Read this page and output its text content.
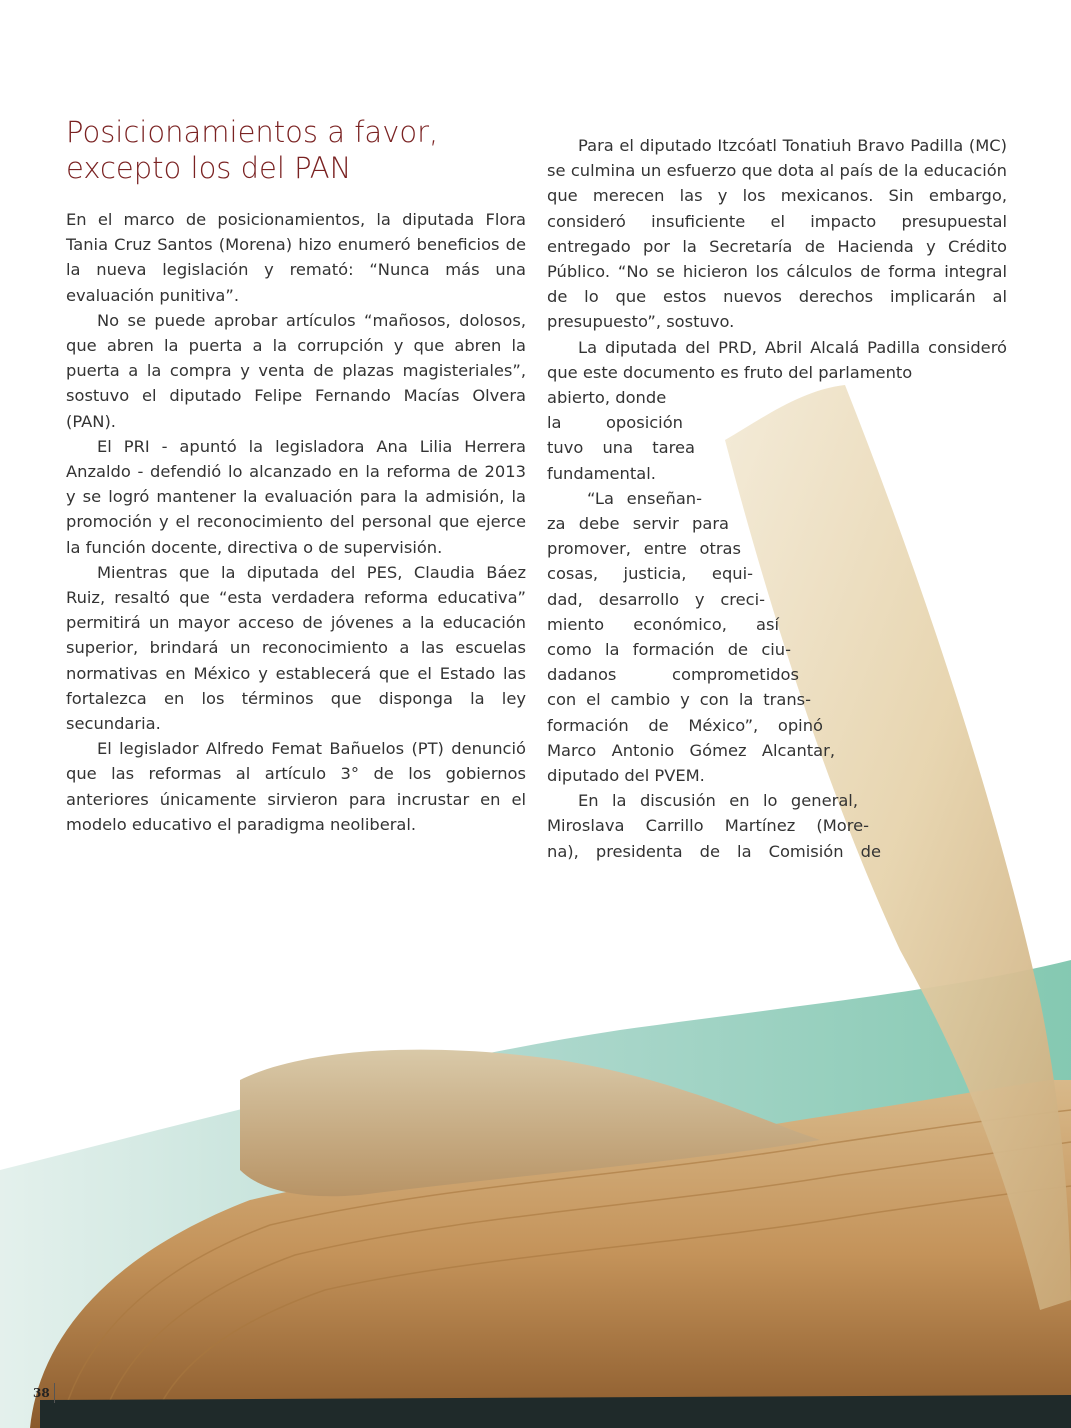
Posicionamientos a favor,
excepto los del PAN

En el marco de posicionamientos, la diputada Flora Tania Cruz Santos (Morena) hizo enumeró beneficios de la nueva legislación y remató: “Nunca más una evaluación punitiva”.

No se puede aprobar artículos “mañosos, dolosos, que abren la puerta a la corrupción y que abren la puerta a la compra y venta de plazas magisteriales”, sostuvo el diputado Felipe Fernando Macías Olvera (PAN).

El PRI - apuntó la legisladora Ana Lilia Herrera Anzaldo - defendió lo alcanzado en la reforma de 2013 y se logró mantener la evaluación para la admisión, la promoción y el reconocimiento del personal que ejerce la función docente, directiva o de supervisión.

Mientras que la diputada del PES, Claudia Báez Ruiz, resaltó que “esta verdadera reforma educativa” permitirá un mayor acceso de jóvenes a la educación superior, brindará un reconocimiento a las escuelas normativas en México y establecerá que el Estado las fortalezca en los términos que disponga la ley secundaria.

El legislador Alfredo Femat Bañuelos (PT) denunció que las reformas al artículo 3° de los gobiernos anteriores únicamente sirvieron para incrustar en el modelo educativo el paradigma neoliberal.

Para el diputado Itzcóatl Tonatiuh Bravo Padilla (MC) se culmina un esfuerzo que dota al país de la educación que merecen las y los mexicanos. Sin embargo, consideró insuficiente el impacto presupuestal entregado por la Secretaría de Hacienda y Crédito Público. “No se hicieron los cálculos de forma integral de lo que estos nuevos derechos implicarán al presupuesto”, sostuvo.

La diputada del PRD, Abril Alcalá Padilla consideró que este documento es fruto del parlamento

abierto, donde

la oposición

tuvo una tarea

fundamental.

“La enseñan-

za debe servir para

promover, entre otras

cosas, justicia, equi-

dad, desarrollo y creci-

miento económico, así

como la formación de ciu-

dadanos comprometidos

con el cambio y con la trans-

formación de México”, opinó

Marco Antonio Gómez Alcantar,

diputado del PVEM.

En la discusión en lo general,

Miroslava Carrillo Martínez (More-

na), presidenta de la Comisión de

38
